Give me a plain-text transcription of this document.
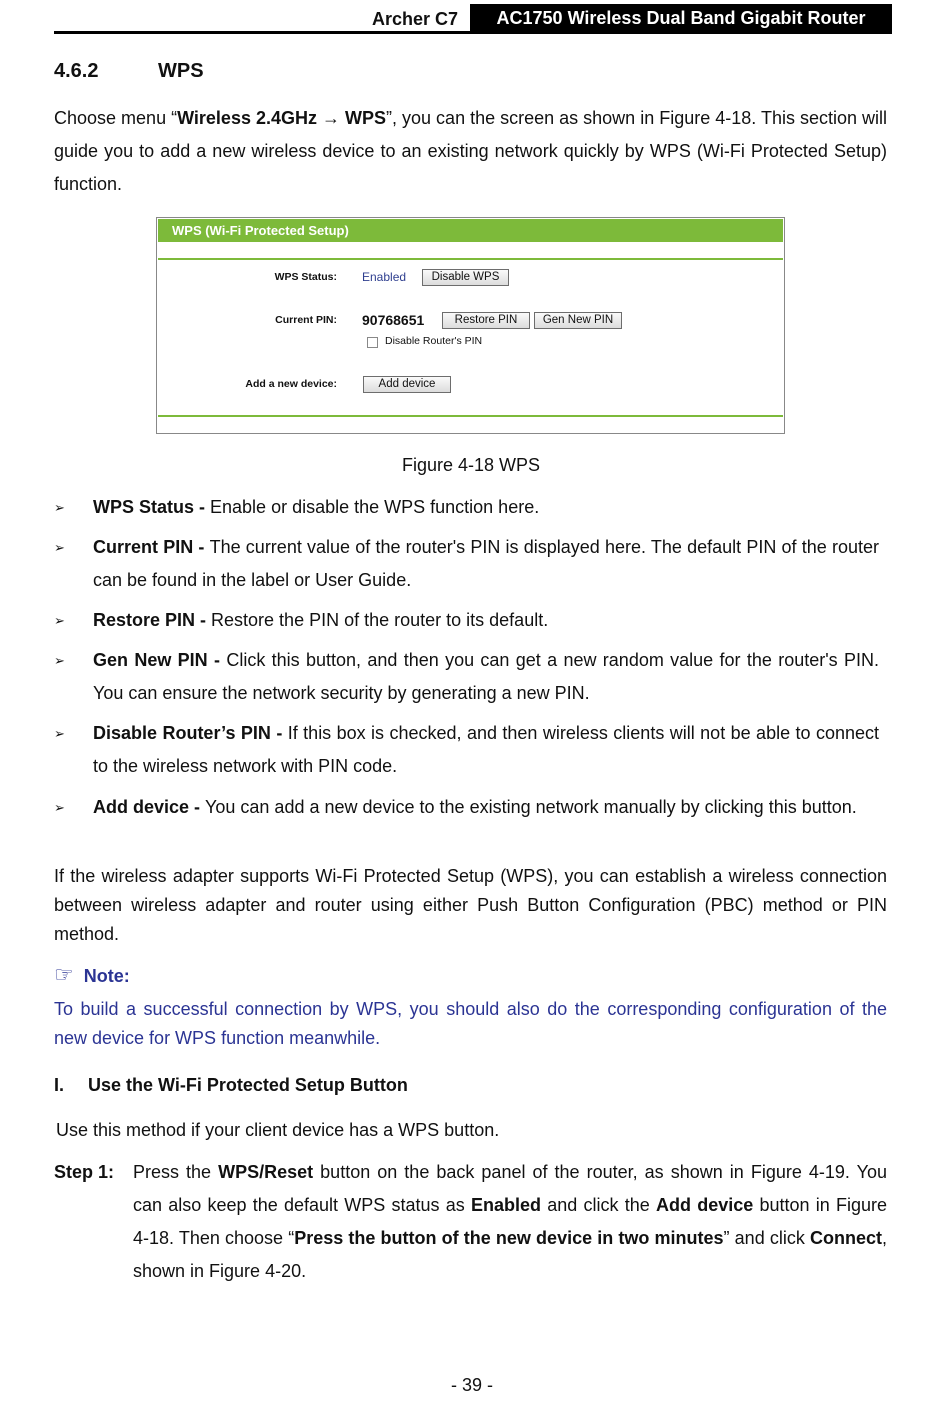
Archer C7	AC1750 Wireless Dual Band Gigabit Router
4.6.2	WPS
Choose menu “Wireless 2.4GHz → WPS”, you can the screen as shown in Figure 4-18. This section will guide you to add a new wireless device to an existing network quickly by WPS (Wi-Fi Protected Setup) function.
WPS (Wi-Fi Protected Setup)
WPS Status: Enabled	Disable WPS
Current PIN: 90768651	Restore PIN	Gen New PIN
Disable Router's PIN
Add a new device:	Add device
Figure 4-18 WPS
➢	WPS Status - Enable or disable the WPS function here.
➢	Current PIN - The current value of the router's PIN is displayed here. The default PIN of the router can be found in the label or User Guide.
➢	Restore PIN - Restore the PIN of the router to its default.
➢	Gen New PIN - Click this button, and then you can get a new random value for the router's PIN. You can ensure the network security by generating a new PIN.
➢	Disable Router’s PIN - If this box is checked, and then wireless clients will not be able to connect to the wireless network with PIN code.
➢	Add device - You can add a new device to the existing network manually by clicking this button.
If the wireless adapter supports Wi-Fi Protected Setup (WPS), you can establish a wireless connection between wireless adapter and router using either Push Button Configuration (PBC) method or PIN method.
☞ Note:
To build a successful connection by WPS, you should also do the corresponding configuration of the new device for WPS function meanwhile.
I. Use the Wi-Fi Protected Setup Button
Use this method if your client device has a WPS button.
Step 1: Press the WPS/Reset button on the back panel of the router, as shown in Figure 4-19. You can also keep the default WPS status as Enabled and click the Add device button in Figure 4-18. Then choose “Press the button of the new device in two minutes” and click Connect, shown in Figure 4-20.
- 39 -
